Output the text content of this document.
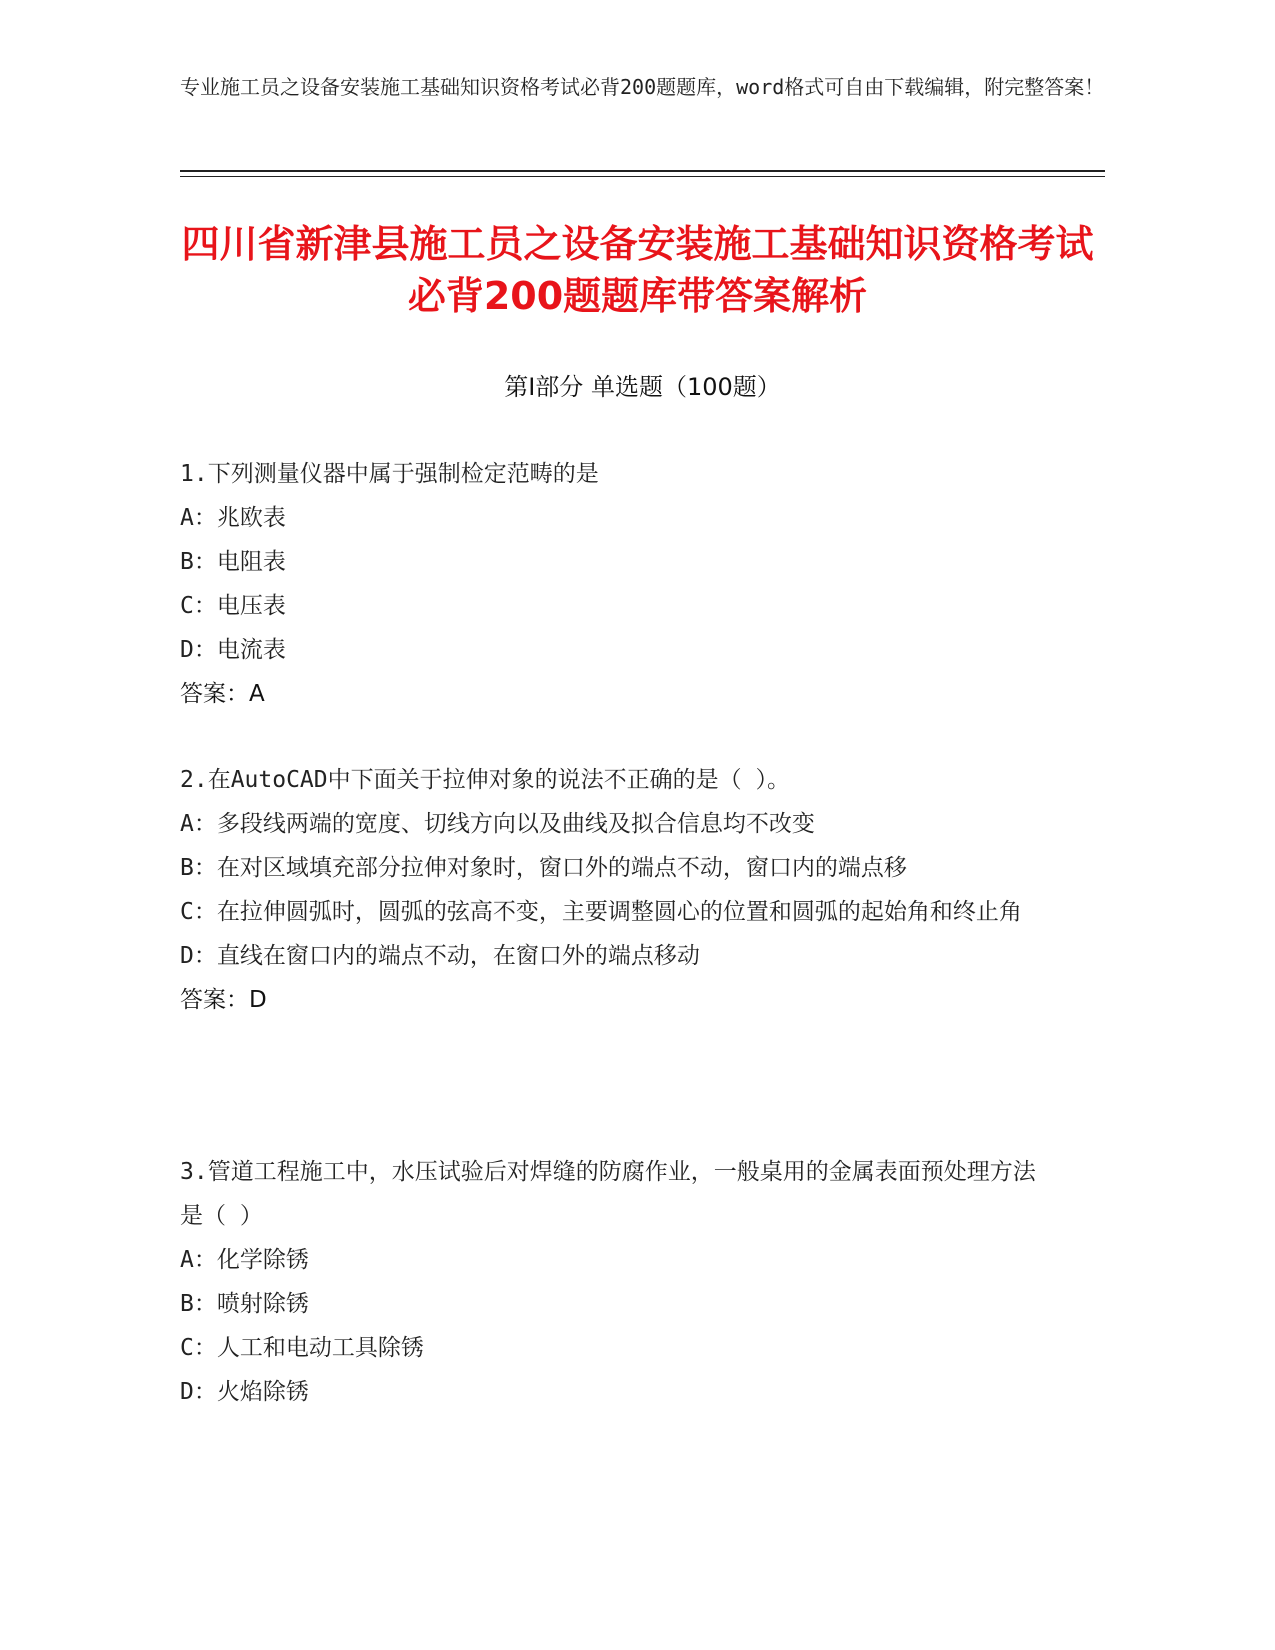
专业施工员之设备安装施工基础知识资格考试必背200题题库，word格式可自由下载编辑，附完整答案！
四川省新津县施工员之设备安装施工基础知识资格考试必背200题题库带答案解析
第Ⅰ部分 单选题（100题）

1.下列测量仪器中属于强制检定范畴的是

A：兆欧表

B：电阻表

C：电压表

D：电流表

答案：A

2.在AutoCAD中下面关于拉伸对象的说法不正确的是（ ）。

A：多段线两端的宽度、切线方向以及曲线及拟合信息均不改变

B：在对区域填充部分拉伸对象时，窗口外的端点不动，窗口内的端点移

C：在拉伸圆弧时，圆弧的弦高不变，主要调整圆心的位置和圆弧的起始角和终止角

D：直线在窗口内的端点不动，在窗口外的端点移动

答案：D

3.管道工程施工中，水压试验后对焊缝的防腐作业，一般桌用的金属表面预处理方法是（ ）

A：化学除锈

B：喷射除锈

C：人工和电动工具除锈

D：火焰除锈
